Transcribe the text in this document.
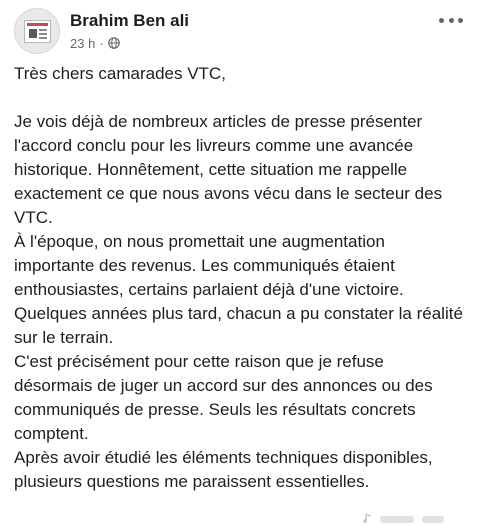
Brahim Ben ali
23 h ·

Très chers camarades VTC,

Je vois déjà de nombreux articles de presse présenter l'accord conclu pour les livreurs comme une avancée historique. Honnêtement, cette situation me rappelle exactement ce que nous avons vécu dans le secteur des VTC.

À l'époque, on nous promettait une augmentation importante des revenus. Les communiqués étaient enthousiastes, certains parlaient déjà d'une victoire. Quelques années plus tard, chacun a pu constater la réalité sur le terrain.

C'est précisément pour cette raison que je refuse désormais de juger un accord sur des annonces ou des communiqués de presse. Seuls les résultats concrets comptent.

Après avoir étudié les éléments techniques disponibles, plusieurs questions me paraissent essentielles.
